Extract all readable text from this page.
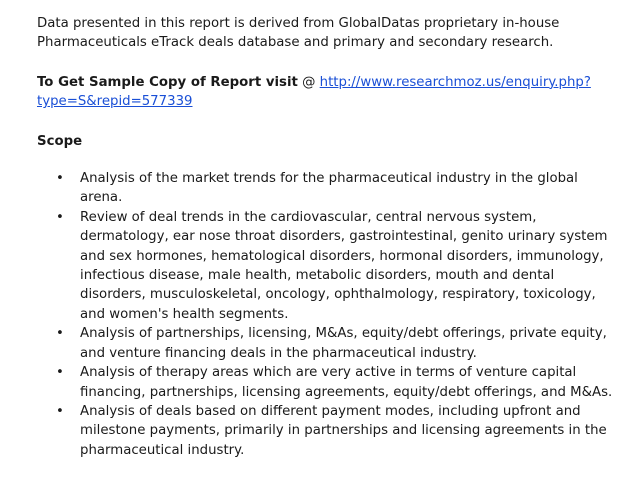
Data presented in this report is derived from GlobalDatas proprietary in-house

Pharmaceuticals eTrack deals database and primary and secondary research.

To Get Sample Copy of Report visit @ http://www.researchmoz.us/enquiry.php?
type=S&repid=577339
Scope
• Analysis of the market trends for the pharmaceutical industry in the global arena.
• Review of deal trends in the cardiovascular, central nervous system, dermatology, ear nose throat disorders, gastrointestinal, genito urinary system and sex hormones, hematological disorders, hormonal disorders, immunology, infectious disease, male health, metabolic disorders, mouth and dental disorders, musculoskeletal, oncology, ophthalmology, respiratory, toxicology, and women's health segments.
• Analysis of partnerships, licensing, M&As, equity/debt offerings, private equity, and venture financing deals in the pharmaceutical industry.
• Analysis of therapy areas which are very active in terms of venture capital financing, partnerships, licensing agreements, equity/debt offerings, and M&As.
• Analysis of deals based on different payment modes, including upfront and milestone payments, primarily in partnerships and licensing agreements in the pharmaceutical industry.
